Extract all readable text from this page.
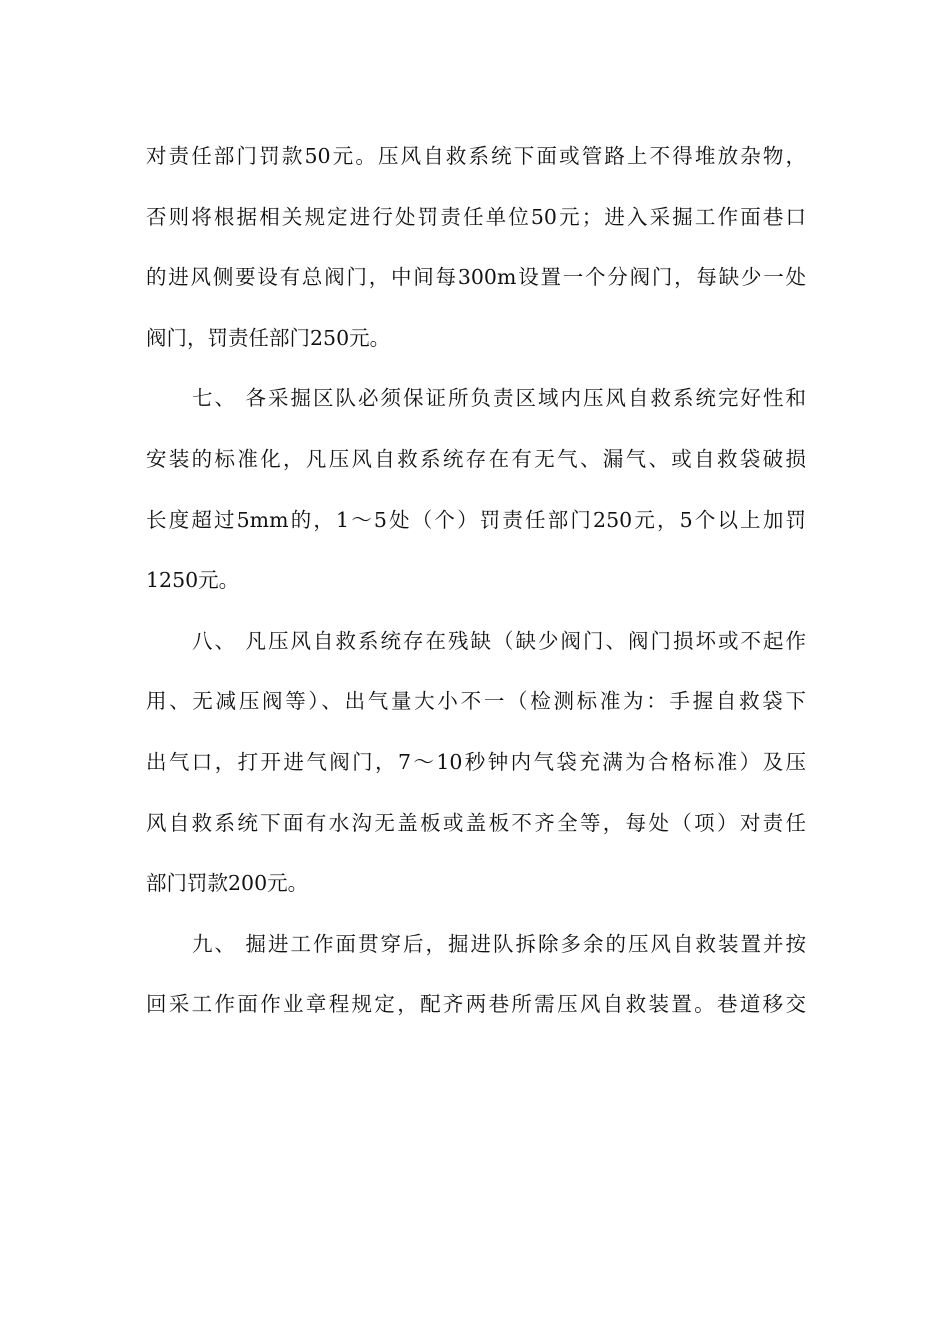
对责任部门罚款50元。压风自救系统下面或管路上不得堆放杂物，
否则将根据相关规定进行处罚责任单位50元；进入采掘工作面巷口
的进风侧要设有总阀门，中间每300m设置一个分阀门，每缺少一处
阀门，罚责任部门250元。
七、 各采掘区队必须保证所负责区域内压风自救系统完好性和
安装的标准化，凡压风自救系统存在有无气、漏气、或自救袋破损
长度超过5mm的，1～5处（个）罚责任部门250元，5个以上加罚
1250元。
八、 凡压风自救系统存在残缺（缺少阀门、阀门损坏或不起作
用、无减压阀等）、出气量大小不一（检测标准为：手握自救袋下
出气口，打开进气阀门，7～10秒钟内气袋充满为合格标准）及压
风自救系统下面有水沟无盖板或盖板不齐全等，每处（项）对责任
部门罚款200元。
九、 掘进工作面贯穿后，掘进队拆除多余的压风自救装置并按
回采工作面作业章程规定，配齐两巷所需压风自救装置。巷道移交
